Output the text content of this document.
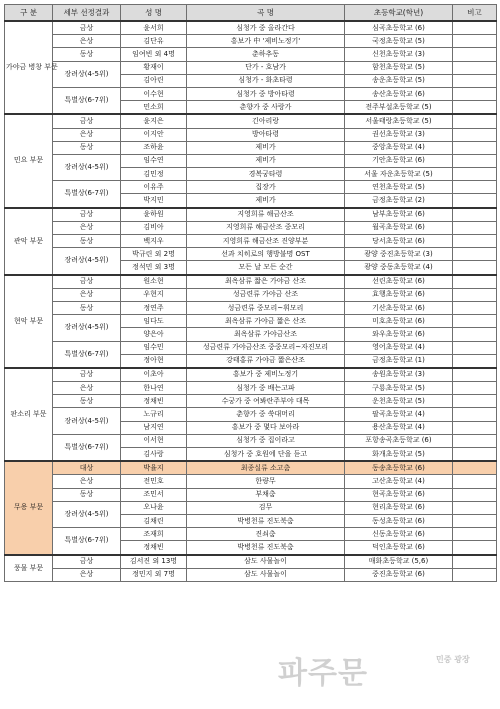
구 분	세부 선정결과	성 명	곡 명	초등학교(학년)	비고
가야금 병창 부문	금상	윤서희	심청가 중 올라간다	심곡초등학교 (6)	
	은상	김단유	흥보가 中 '제비노정기'	국정초등학교 (5)	
	동상	임여빈 외 4명	춘하추동	신천초등학교 (3)	
	장려상(4-5위)	황재이	단가 - 호남가	함천초등학교 (5)	
		김아린	심청가 - 화초타령	송운초등학교 (5)	
	특별상(6-7위)	이수현	심청가 중 방아타령	송산초등학교 (6)	
		민소희	춘향가 중 사랑가	전주부설초등학교 (5)	
민요 부문	금상	윤지은	긴아리랑	서울태랑초등학교 (5)	
	은상	이지안	방아타령	권선초등학교 (3)	
	동상	조하윤	제비가	중앙초등학교 (4)	
	장려상(4-5위)	임수연	제비가	기안초등학교 (6)	
		김민정	경복궁타령	서울 자운초등학교 (5)	
	특별상(6-7위)	이유주	집장가	연천초등학교 (5)	
		박지민	제비가	금정초등학교 (2)	
관악 부문	금상	윤하원	지영희류 해금산조	남부초등학교 (6)	
	은상	김비아	지영희류 해금산조 중모리	월곡초등학교 (6)	
	동상	백지우	지영희류 해금산조 진양부분	당서초등학교 (6)	
	장려상(4-5위)	박규린 외 2명	선과 치히로의 행방불명 OST	광양 중진초등학교 (3)	
		정석민 외 3명	모든 날 모든 순간	광양 중동초등학교 (4)	
현악 부문	금상	원소현	최옥삼류 짧은 가야금 산조	선린초등학교 (6)	
	은상	우현지	성금련류 가야금 산조	효행초등학교 (6)	
	동상	정연주	성금련류 중모리~휘모리	기산초등학교 (6)	
	장려상(4-5위)	임다도	최옥삼류 가야금 짧은 산조	미호초등학교 (6)	
		양은아	최옥삼류 가야금산조	와우초등학교 (6)	
	특별상(6-7위)	임수민	성금련류 가야금산조 중중모리~자진모리	영어초등학교 (4)	
		정아현	강태홍류 가야금 짧은산조	금정초등학교 (1)	
판소리 부문	금상	이초아	흥보가 중 제비노정기	송원초등학교 (3)	
	은상	한나연	심청가 중 배는고파	구룡초등학교 (5)	
	동상	정채빈	수궁가 중 여봐란주부야 대목	운천초등학교 (5)	
	장려상(4-5위)	노규리	춘향가 중 쑥대머리	팔곡초등학교 (4)	
		남지연	흥보가 중 몇다 보아라	용산초등학교 (4)	
	특별상(6-7위)	이서현	심청가 중 집이라고	포항송곡초등학교 (6)	
		김사랑	심청가 중 호원에 단을 듣고	화개초등학교 (5)	
무용 부문	대상	박율지	최종실류 소고춤	동송초등학교 (6)	
	은상	전민호	한량무	고산초등학교 (4)	
	동상	조민서	부채춤	현곡초등학교 (6)	
	장려상(4-5위)	오나윤	검무	현리초등학교 (6)	
		김채린	박병천류 진도북춤	동성초등학교 (6)	
	특별상(6-7위)	조재희	진쇠춤	신동초등학교 (6)	
		정채빈	박병천류 진도북춤	덕인초등학교 (6)	
풍물 부문	금상	김서진 외 13명	삼도 사물놀이	매화초등학교 (5,6)	
	은상	정민지 외 7명	삼도 사물놀이	중진초등학교 (6)	
파주문	민중 광장
